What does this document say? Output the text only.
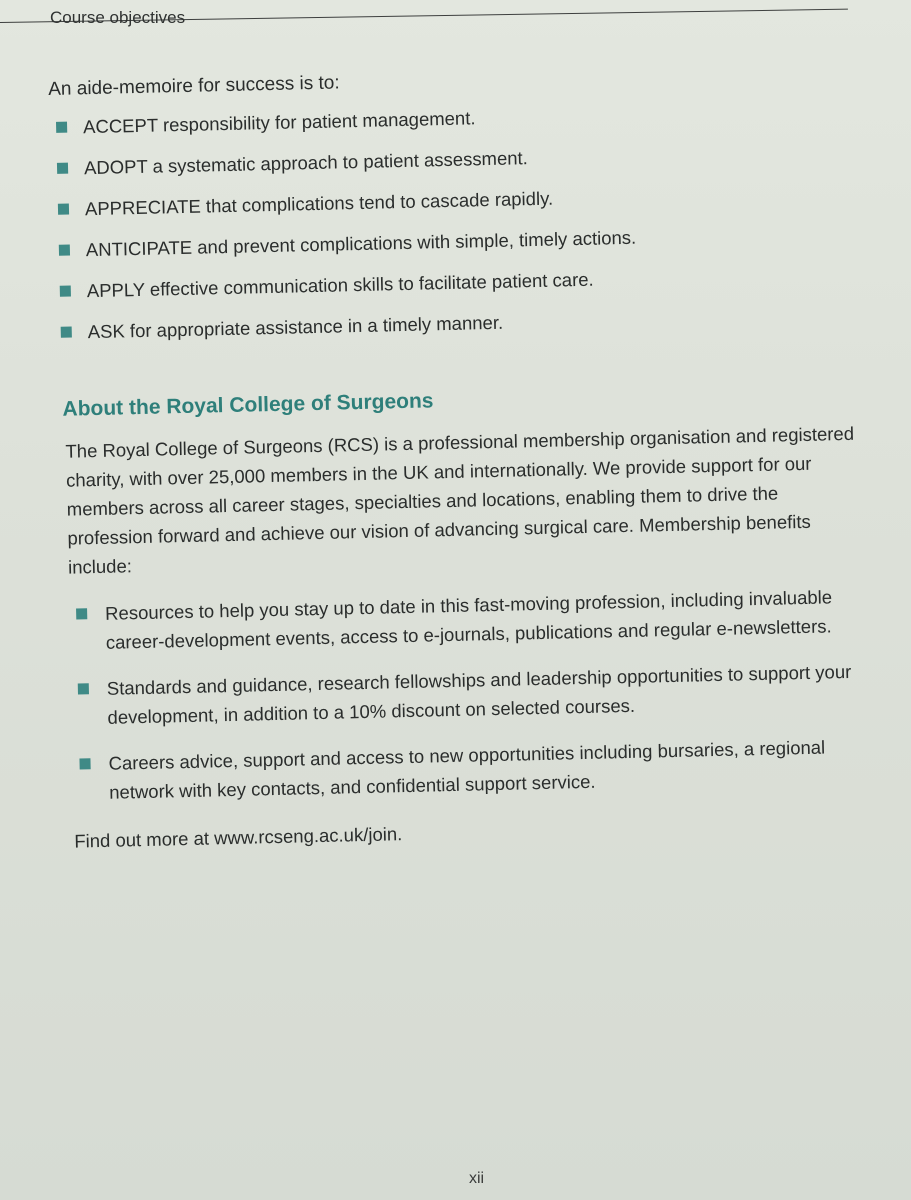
Course objectives

An aide-memoire for success is to:

ACCEPT responsibility for patient management.
ADOPT a systematic approach to patient assessment.
APPRECIATE that complications tend to cascade rapidly.
ANTICIPATE and prevent complications with simple, timely actions.
APPLY effective communication skills to facilitate patient care.
ASK for appropriate assistance in a timely manner.
About the Royal College of Surgeons

The Royal College of Surgeons (RCS) is a professional membership organisation and registered charity, with over 25,000 members in the UK and internationally. We provide support for our members across all career stages, specialties and locations, enabling them to drive the profession forward and achieve our vision of advancing surgical care. Membership benefits include:

Resources to help you stay up to date in this fast-moving profession, including invaluable career-development events, access to e-journals, publications and regular e-newsletters.
Standards and guidance, research fellowships and leadership opportunities to support your development, in addition to a 10% discount on selected courses.
Careers advice, support and access to new opportunities including bursaries, a regional network with key contacts, and confidential support service.

Find out more at www.rcseng.ac.uk/join.

xii
